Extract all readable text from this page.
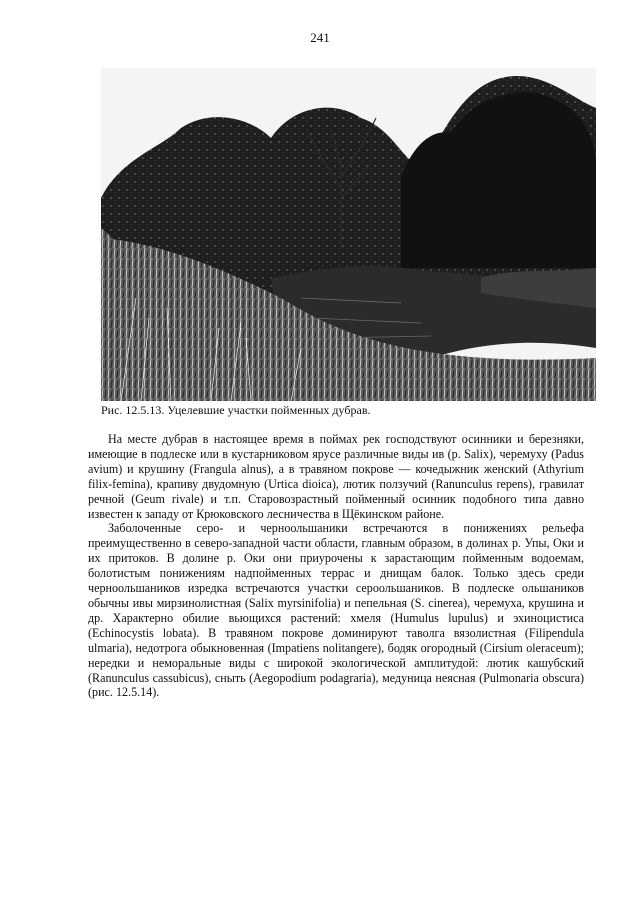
241
Рис. 12.5.13. Уцелевшие участки пойменных дубрав.

На месте дубрав в настоящее время в поймах рек господствуют осинники и березняки, имеющие в подлеске или в кустарниковом ярусе различные виды ив (р. Salix), черемуху (Padus avium) и крушину (Frangula alnus), а в травяном покрове — кочедыжник женский (Athyrium filix-femina), крапиву двудомную (Urtica dioica), лютик ползучий (Ranunculus repens), гравилат речной (Geum rivale) и т.п. Старовозрастный пойменный осинник подобного типа давно известен к западу от Крюковского лесничества в Щёкинском районе.

Заболоченные серо- и черноольшаники встречаются в понижениях рельефа преимущественно в северо-западной части области, главным образом, в долинах р. Упы, Оки и их притоков. В долине р. Оки они приурочены к зарастающим пойменным водоемам, болотистым понижениям надпойменных террас и днищам балок. Только здесь среди черноольшаников изредка встречаются участки сероольшаников. В подлеске ольшаников обычны ивы мирзинолистная (Salix myrsinifolia) и пепельная (S. cinerea), черемуха, крушина и др. Характерно обилие вьющихся растений: хмеля (Humulus lupulus) и эхиноцистиса (Echinocystis lobata). В травяном покрове доминируют таволга вязолистная (Filipendula ulmaria), недотрога обыкновенная (Impatiens nolitangere), бодяк огородный (Cirsium oleraceum); нередки и неморальные виды с широкой экологической амплитудой: лютик кашубский (Ranunculus cassubicus), сныть (Aegopodium podagraria), медуница неясная (Pulmonaria obscura) (рис. 12.5.14).
